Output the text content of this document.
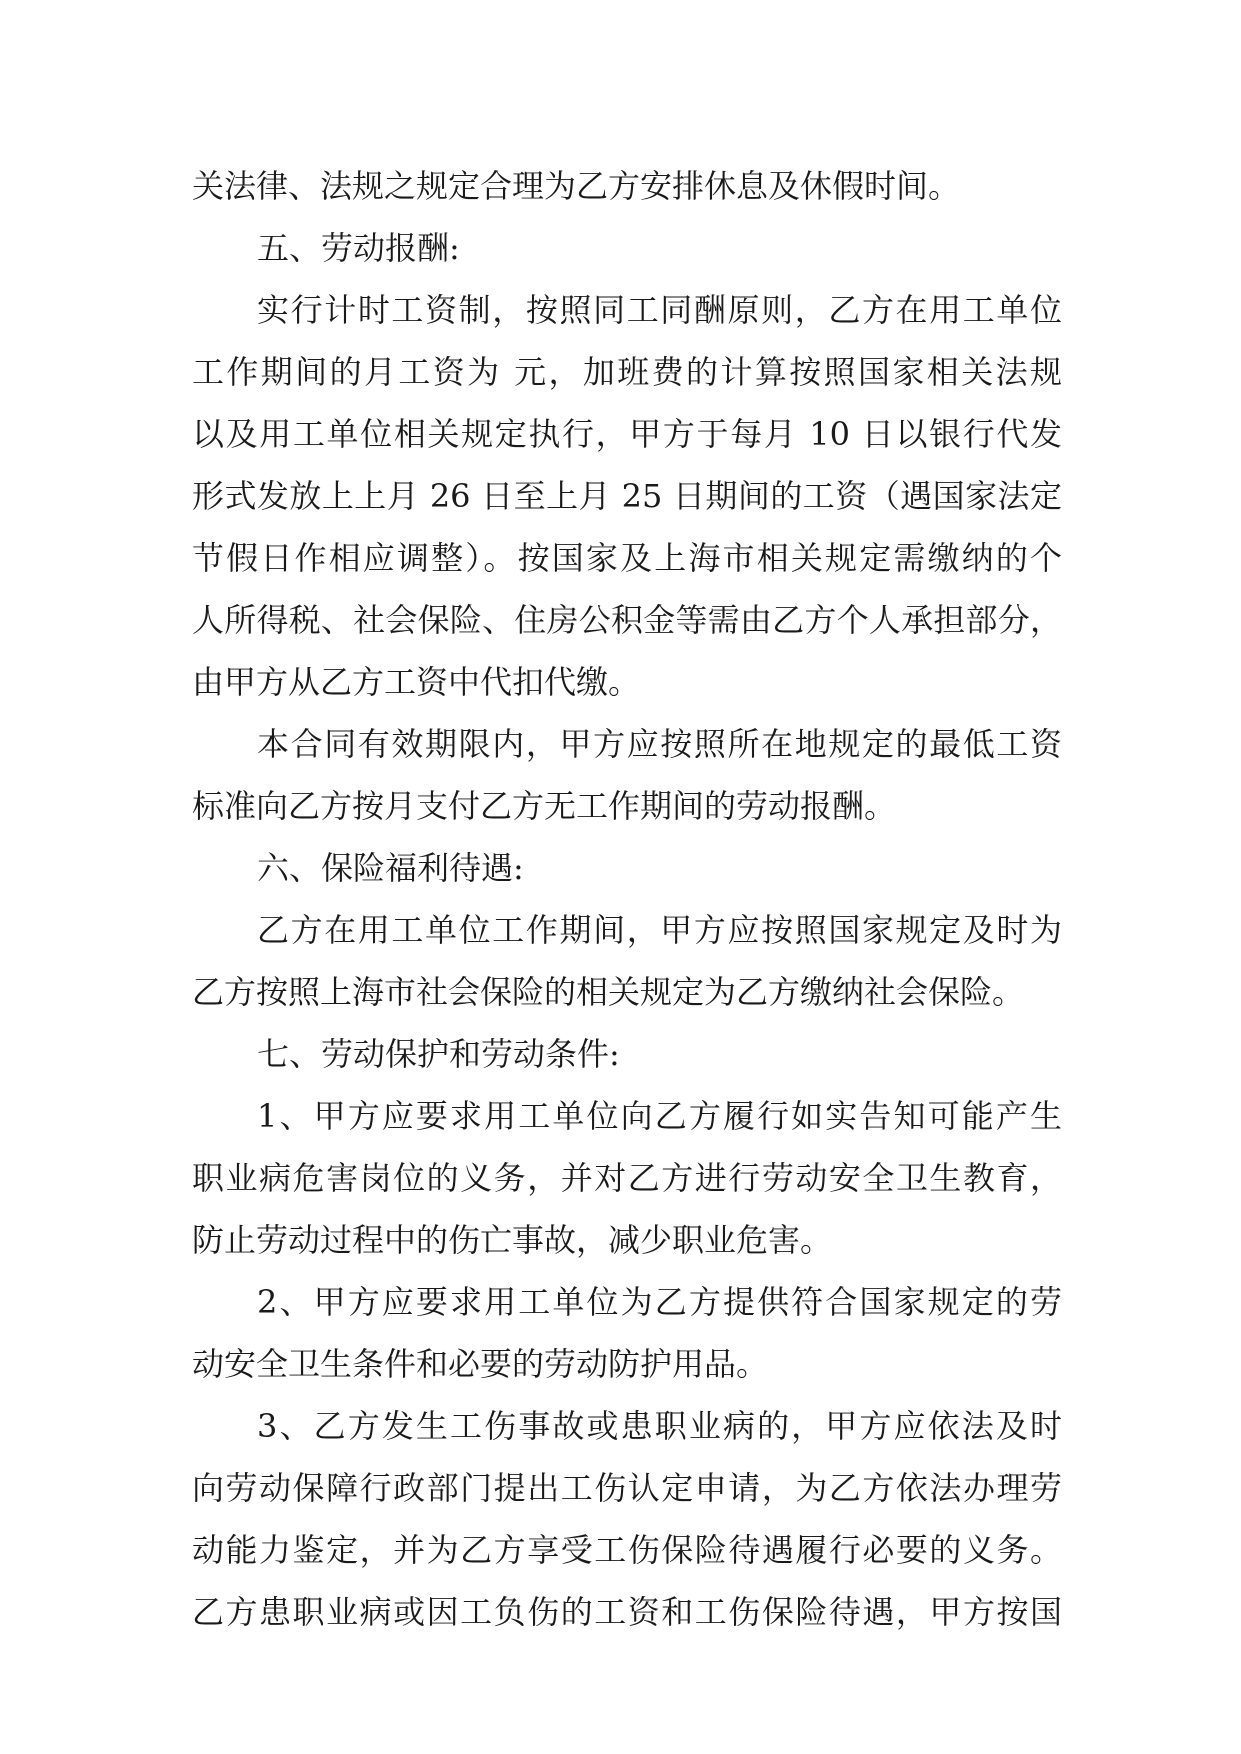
关法律、法规之规定合理为乙方安排休息及休假时间。
五、劳动报酬:
实行计时工资制，按照同工同酬原则，乙方在用工单位
工作期间的月工资为 元，加班费的计算按照国家相关法规
以及用工单位相关规定执行，甲方于每月 10 日以银行代发
形式发放上上月 26 日至上月 25 日期间的工资（遇国家法定
节假日作相应调整）。按国家及上海市相关规定需缴纳的个
人所得税、社会保险、住房公积金等需由乙方个人承担部分，
由甲方从乙方工资中代扣代缴。
本合同有效期限内，甲方应按照所在地规定的最低工资
标准向乙方按月支付乙方无工作期间的劳动报酬。
六、保险福利待遇:
乙方在用工单位工作期间，甲方应按照国家规定及时为
乙方按照上海市社会保险的相关规定为乙方缴纳社会保险。
七、劳动保护和劳动条件:
1、甲方应要求用工单位向乙方履行如实告知可能产生
职业病危害岗位的义务，并对乙方进行劳动安全卫生教育，
防止劳动过程中的伤亡事故，减少职业危害。
2、甲方应要求用工单位为乙方提供符合国家规定的劳
动安全卫生条件和必要的劳动防护用品。
3、乙方发生工伤事故或患职业病的，甲方应依法及时
向劳动保障行政部门提出工伤认定申请，为乙方依法办理劳
动能力鉴定，并为乙方享受工伤保险待遇履行必要的义务。
乙方患职业病或因工负伤的工资和工伤保险待遇，甲方按国
